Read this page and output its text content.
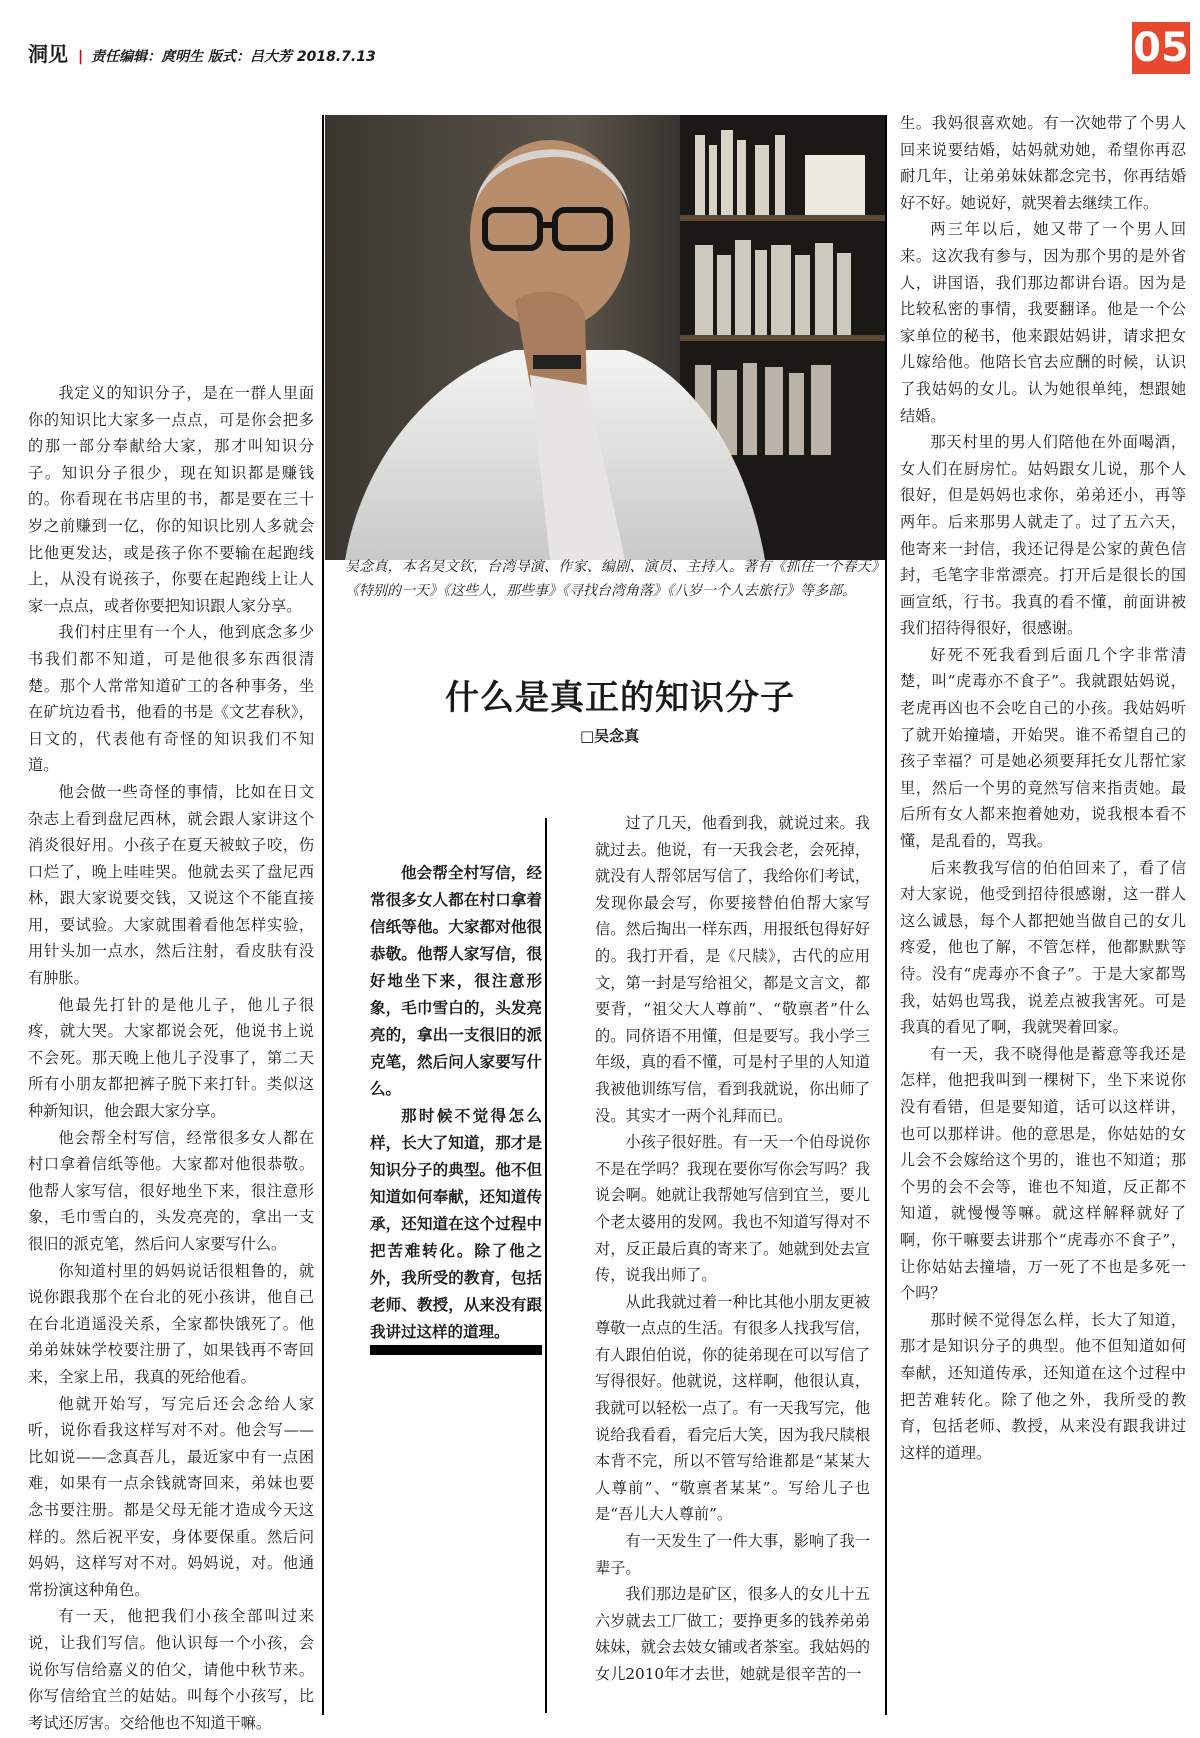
洞见 | 责任编辑：庹明生 版式：吕大芳 2018.7.13	05

我定义的知识分子，是在一群人里面你的知识比大家多一点点，可是你会把多的那一部分奉献给大家，那才叫知识分子。知识分子很少，现在知识都是赚钱的。你看现在书店里的书，都是要在三十岁之前赚到一亿，你的知识比别人多就会比他更发达，或是孩子你不要输在起跑线上，从没有说孩子，你要在起跑线上让人家一点点，或者你要把知识跟人家分享。

我们村庄里有一个人，他到底念多少书我们都不知道，可是他很多东西很清楚。那个人常常知道矿工的各种事务，坐在矿坑边看书，他看的书是《文艺春秋》，日文的，代表他有奇怪的知识我们不知道。

他会做一些奇怪的事情，比如在日文杂志上看到盘尼西林，就会跟人家讲这个消炎很好用。小孩子在夏天被蚊子咬，伤口烂了，晚上哇哇哭。他就去买了盘尼西林，跟大家说要交钱，又说这个不能直接用，要试验。大家就围着看他怎样实验，用针头加一点水，然后注射，看皮肤有没有肿胀。

他最先打针的是他儿子，他儿子很疼，就大哭。大家都说会死，他说书上说不会死。那天晚上他儿子没事了，第二天所有小朋友都把裤子脱下来打针。类似这种新知识，他会跟大家分享。

他会帮全村写信，经常很多女人都在村口拿着信纸等他。大家都对他很恭敬。他帮人家写信，很好地坐下来，很注意形象，毛巾雪白的，头发亮亮的，拿出一支很旧的派克笔，然后问人家要写什么。

你知道村里的妈妈说话很粗鲁的，就说你跟我那个在台北的死小孩讲，他自己在台北逍遥没关系，全家都快饿死了。他弟弟妹妹学校要注册了，如果钱再不寄回来，全家上吊，我真的死给他看。

他就开始写，写完后还会念给人家听，说你看我这样写对不对。他会写——比如说——念真吾儿，最近家中有一点困难，如果有一点余钱就寄回来，弟妹也要念书要注册。都是父母无能才造成今天这样的。然后祝平安，身体要保重。然后问妈妈，这样写对不对。妈妈说，对。他通常扮演这种角色。

有一天，他把我们小孩全部叫过来说，让我们写信。他认识每一个小孩，会说你写信给嘉义的伯父，请他中秋节来。你写信给宜兰的姑姑。叫每个小孩写，比考试还厉害。交给他也不知道干嘛。

吴念真，本名吴文钦，台湾导演、作家、编剧、演员、主持人。著有《抓住一个春天》《特别的一天》《这些人，那些事》《寻找台湾角落》《八岁一个人去旅行》等多部。
什么是真正的知识分子
□吴念真

他会帮全村写信，经常很多女人都在村口拿着信纸等他。大家都对他很恭敬。他帮人家写信，很好地坐下来，很注意形象，毛巾雪白的，头发亮亮的，拿出一支很旧的派克笔，然后问人家要写什么。

那时候不觉得怎么样，长大了知道，那才是知识分子的典型。他不但知道如何奉献，还知道传承，还知道在这个过程中把苦难转化。除了他之外，我所受的教育，包括老师、教授，从来没有跟我讲过这样的道理。

过了几天，他看到我，就说过来。我就过去。他说，有一天我会老，会死掉，就没有人帮邻居写信了，我给你们考试，发现你最会写，你要接替伯伯帮大家写信。然后掏出一样东西，用报纸包得好好的。我打开看，是《尺牍》，古代的应用文，第一封是写给祖父，都是文言文，都要背，“祖父大人尊前”、“敬禀者”什么的。同侪语不用懂，但是要写。我小学三年级，真的看不懂，可是村子里的人知道我被他训练写信，看到我就说，你出师了没。其实才一两个礼拜而已。

小孩子很好胜。有一天一个伯母说你不是在学吗？我现在要你写你会写吗？我说会啊。她就让我帮她写信到宜兰，要儿个老太婆用的发网。我也不知道写得对不对，反正最后真的寄来了。她就到处去宣传，说我出师了。

从此我就过着一种比其他小朋友更被尊敬一点点的生活。有很多人找我写信，有人跟伯伯说，你的徒弟现在可以写信了写得很好。他就说，这样啊，他很认真，我就可以轻松一点了。有一天我写完，他说给我看看，看完后大笑，因为我尺牍根本背不完，所以不管写给谁都是“某某大人尊前”、“敬禀者某某”。写给儿子也是“吾儿大人尊前”。

有一天发生了一件大事，影响了我一辈子。

我们那边是矿区，很多人的女儿十五六岁就去工厂做工；要挣更多的钱养弟弟妹妹，就会去妓女铺或者茶室。我姑妈的女儿2010年才去世，她就是很辛苦的一

生。我妈很喜欢她。有一次她带了个男人回来说要结婚，姑妈就劝她，希望你再忍耐几年，让弟弟妹妹都念完书，你再结婚好不好。她说好，就哭着去继续工作。

两三年以后，她又带了一个男人回来。这次我有参与，因为那个男的是外省人，讲国语，我们那边都讲台语。因为是比较私密的事情，我要翻译。他是一个公家单位的秘书，他来跟姑妈讲，请求把女儿嫁给他。他陪长官去应酬的时候，认识了我姑妈的女儿。认为她很单纯，想跟她结婚。

那天村里的男人们陪他在外面喝酒，女人们在厨房忙。姑妈跟女儿说，那个人很好，但是妈妈也求你，弟弟还小，再等两年。后来那男人就走了。过了五六天，他寄来一封信，我还记得是公家的黄色信封，毛笔字非常漂亮。打开后是很长的国画宣纸，行书。我真的看不懂，前面讲被我们招待得很好，很感谢。

好死不死我看到后面几个字非常清楚，叫“虎毒亦不食子”。我就跟姑妈说，老虎再凶也不会吃自己的小孩。我姑妈听了就开始撞墙，开始哭。谁不希望自己的孩子幸福？可是她必须要拜托女儿帮忙家里，然后一个男的竟然写信来指责她。最后所有女人都来抱着她劝，说我根本看不懂，是乱看的，骂我。

后来教我写信的伯伯回来了，看了信对大家说，他受到招待很感谢，这一群人这么诚恳，每个人都把她当做自己的女儿疼爱，他也了解，不管怎样，他都默默等待。没有“虎毒亦不食子”。于是大家都骂我，姑妈也骂我，说差点被我害死。可是我真的看见了啊，我就哭着回家。

有一天，我不晓得他是蓄意等我还是怎样，他把我叫到一棵树下，坐下来说你没有看错，但是要知道，话可以这样讲，也可以那样讲。他的意思是，你姑姑的女儿会不会嫁给这个男的，谁也不知道；那个男的会不会等，谁也不知道，反正都不知道，就慢慢等嘛。就这样解释就好了啊，你干嘛要去讲那个“虎毒亦不食子”，让你姑姑去撞墙，万一死了不也是多死一个吗？

那时候不觉得怎么样，长大了知道，那才是知识分子的典型。他不但知道如何奉献，还知道传承，还知道在这个过程中把苦难转化。除了他之外，我所受的教育，包括老师、教授，从来没有跟我讲过这样的道理。
